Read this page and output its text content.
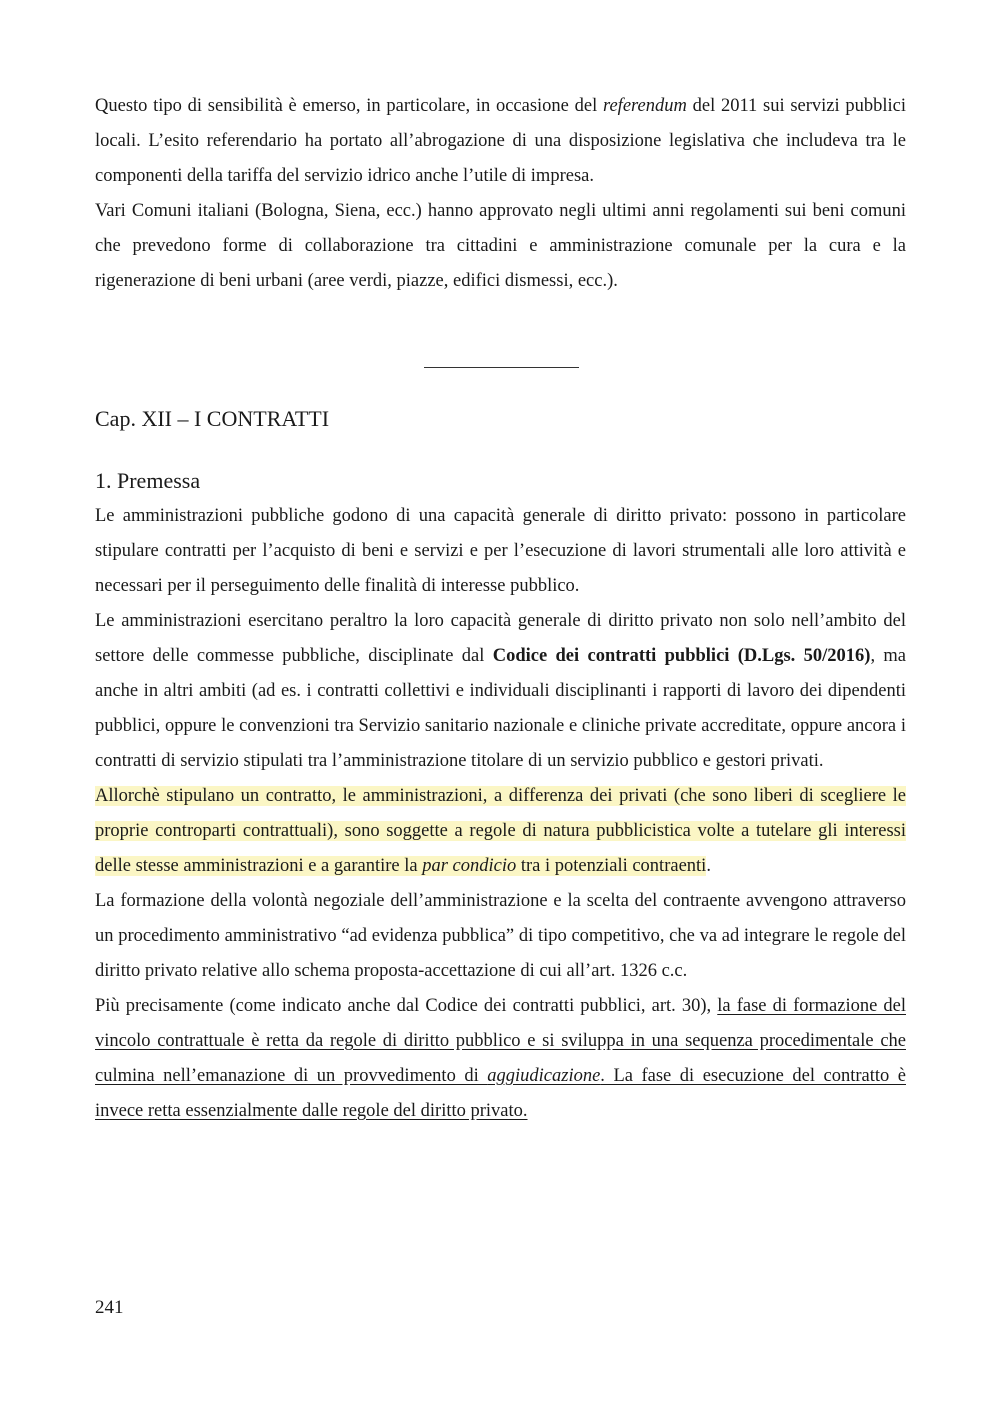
Questo tipo di sensibilità è emerso, in particolare, in occasione del referendum del 2011 sui servizi pubblici locali. L’esito referendario ha portato all’abrogazione di una disposizione legislativa che includeva tra le componenti della tariffa del servizio idrico anche l’utile di impresa.

Vari Comuni italiani (Bologna, Siena, ecc.) hanno approvato negli ultimi anni regolamenti sui beni comuni che prevedono forme di collaborazione tra cittadini e amministrazione comunale per la cura e la rigenerazione di beni urbani (aree verdi, piazze, edifici dismessi, ecc.).

Cap. XII – I CONTRATTI
1. Premessa

Le amministrazioni pubbliche godono di una capacità generale di diritto privato: possono in particolare stipulare contratti per l’acquisto di beni e servizi e per l’esecuzione di lavori strumentali alle loro attività e necessari per il perseguimento delle finalità di interesse pubblico.

Le amministrazioni esercitano peraltro la loro capacità generale di diritto privato non solo nell’ambito del settore delle commesse pubbliche, disciplinate dal Codice dei contratti pubblici (D.Lgs. 50/2016), ma anche in altri ambiti (ad es. i contratti collettivi e individuali disciplinanti i rapporti di lavoro dei dipendenti pubblici, oppure le convenzioni tra Servizio sanitario nazionale e cliniche private accreditate, oppure ancora i contratti di servizio stipulati tra l’amministrazione titolare di un servizio pubblico e gestori privati.

Allorchè stipulano un contratto, le amministrazioni, a differenza dei privati (che sono liberi di scegliere le proprie controparti contrattuali), sono soggette a regole di natura pubblicistica volte a tutelare gli interessi delle stesse amministrazioni e a garantire la par condicio tra i potenziali contraenti.

La formazione della volontà negoziale dell’amministrazione e la scelta del contraente avvengono attraverso un procedimento amministrativo “ad evidenza pubblica” di tipo competitivo, che va ad integrare le regole del diritto privato relative allo schema proposta-accettazione di cui all’art. 1326 c.c.

Più precisamente (come indicato anche dal Codice dei contratti pubblici, art. 30), la fase di formazione del vincolo contrattuale è retta da regole di diritto pubblico e si sviluppa in una sequenza procedimentale che culmina nell’emanazione di un provvedimento di aggiudicazione. La fase di esecuzione del contratto è invece retta essenzialmente dalle regole del diritto privato.

241
